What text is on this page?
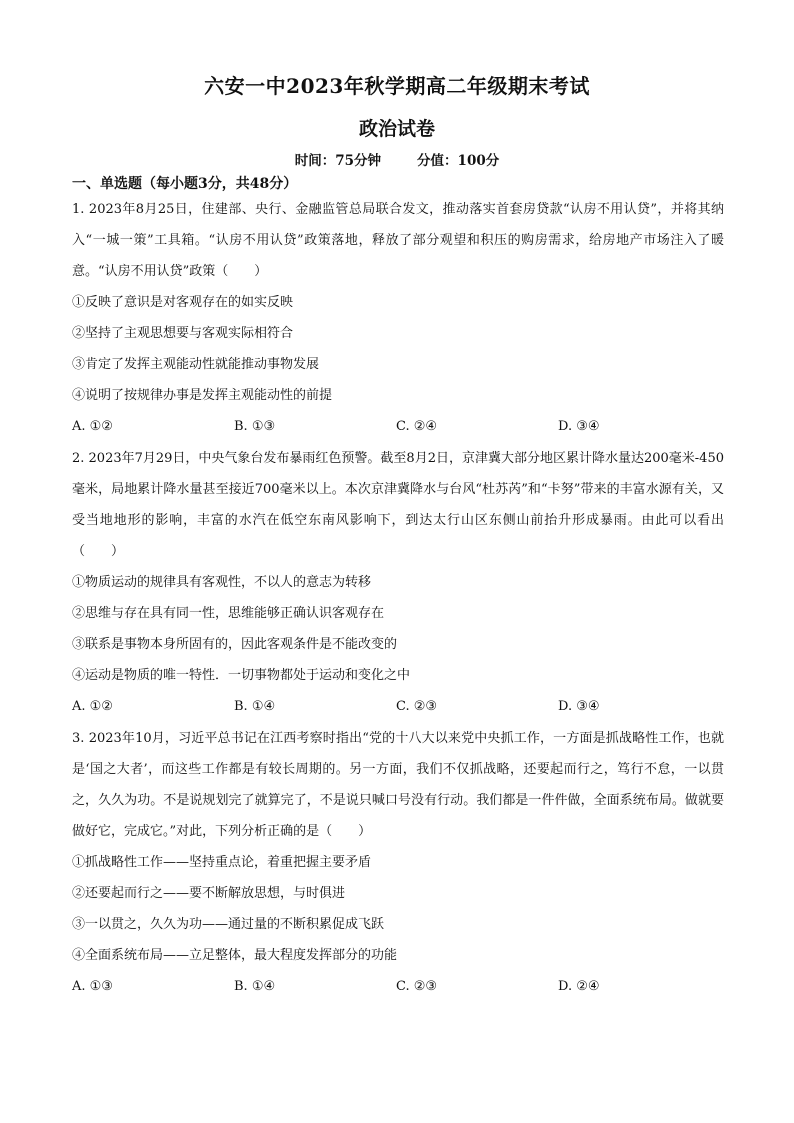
六安一中2023年秋学期高二年级期末考试
政治试卷
时间：75分钟	分值：100分
一、单选题（每小题3分，共48分）

1. 2023年8月25日，住建部、央行、金融监管总局联合发文，推动落实首套房贷款“认房不用认贷”，并将其纳入“一城一策”工具箱。“认房不用认贷”政策落地，释放了部分观望和积压的购房需求，给房地产市场注入了暖意。“认房不用认贷”政策（　　）

①反映了意识是对客观存在的如实反映

②坚持了主观思想要与客观实际相符合

③肯定了发挥主观能动性就能推动事物发展

④说明了按规律办事是发挥主观能动性的前提

A. ①②	B. ①③	C. ②④	D. ③④

2. 2023年7月29日，中央气象台发布暴雨红色预警。截至8月2日，京津冀大部分地区累计降水量达200毫米-450毫米，局地累计降水量甚至接近700毫米以上。本次京津冀降水与台风“杜苏芮”和“卡努”带来的丰富水源有关，又受当地地形的影响，丰富的水汽在低空东南风影响下，到达太行山区东侧山前抬升形成暴雨。由此可以看出（　　）

①物质运动的规律具有客观性，不以人的意志为转移

②思维与存在具有同一性，思维能够正确认识客观存在

③联系是事物本身所固有的，因此客观条件是不能改变的

④运动是物质的唯一特性．一切事物都处于运动和变化之中

A. ①②	B. ①④	C. ②③	D. ③④

3. 2023年10月，习近平总书记在江西考察时指出“党的十八大以来党中央抓工作，一方面是抓战略性工作，也就是‘国之大者’，而这些工作都是有较长周期的。另一方面，我们不仅抓战略，还要起而行之，笃行不怠，一以贯之，久久为功。不是说规划完了就算完了，不是说只喊口号没有行动。我们都是一件件做，全面系统布局。做就要做好它，完成它。”对此，下列分析正确的是（　　）

①抓战略性工作——坚持重点论，着重把握主要矛盾

②还要起而行之——要不断解放思想，与时俱进

③一以贯之，久久为功——通过量的不断积累促成飞跃

④全面系统布局——立足整体，最大程度发挥部分的功能

A. ①③	B. ①④	C. ②③	D. ②④
